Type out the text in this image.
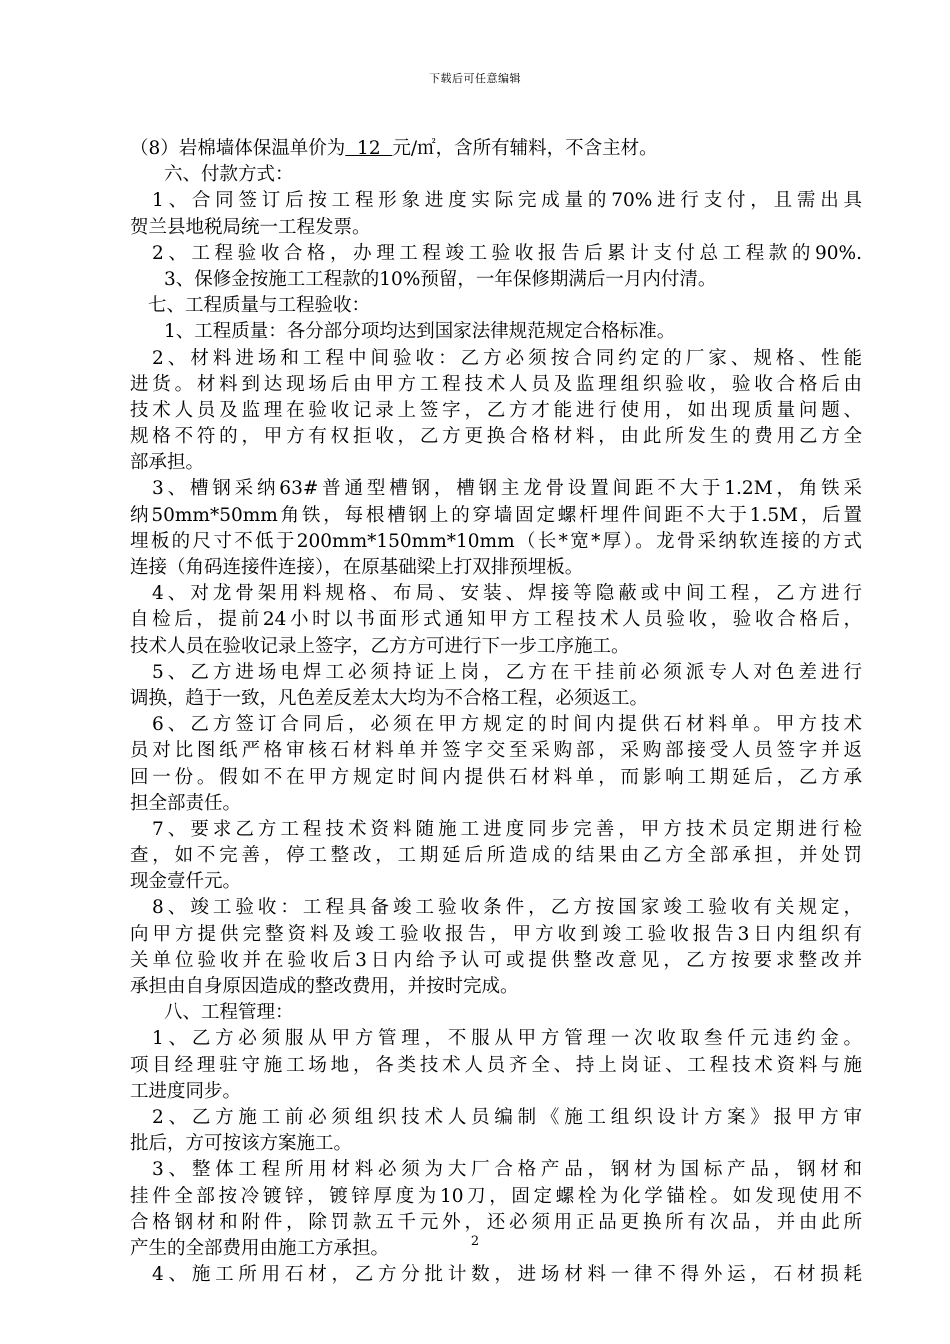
下载后可任意编辑
（8）岩棉墙体保温单价为  12  元/㎡，含所有辅料，不含主材。
六、付款方式：
1、合同签订后按工程形象进度实际完成量的70%进行支付，且需出具
贺兰县地税局统一工程发票。
2、工程验收合格，办理工程竣工验收报告后累计支付总工程款的90%.
3、保修金按施工工程款的10%预留，一年保修期满后一月内付清。
七、工程质量与工程验收：
1、工程质量：各分部分项均达到国家法律规范规定合格标准。
2、材料进场和工程中间验收：乙方必须按合同约定的厂家、规格、性能
进货。材料到达现场后由甲方工程技术人员及监理组织验收，验收合格后由
技术人员及监理在验收记录上签字，乙方才能进行使用，如出现质量问题、
规格不符的，甲方有权拒收，乙方更换合格材料，由此所发生的费用乙方全
部承担。
3、槽钢采纳63#普通型槽钢，槽钢主龙骨设置间距不大于1.2M，角铁采
纳50mm*50mm角铁，每根槽钢上的穿墙固定螺杆埋件间距不大于1.5M，后置
埋板的尺寸不低于200mm*150mm*10mm（长*宽*厚）。龙骨采纳软连接的方式
连接（角码连接件连接），在原基础梁上打双排预埋板。
4、对龙骨架用料规格、布局、安装、焊接等隐蔽或中间工程，乙方进行
自检后，提前24小时以书面形式通知甲方工程技术人员验收，验收合格后，
技术人员在验收记录上签字，乙方方可进行下一步工序施工。
5、乙方进场电焊工必须持证上岗，乙方在干挂前必须派专人对色差进行
调换，趋于一致，凡色差反差太大均为不合格工程，必须返工。
6、乙方签订合同后，必须在甲方规定的时间内提供石材料单。甲方技术
员对比图纸严格审核石材料单并签字交至采购部，采购部接受人员签字并返
回一份。假如不在甲方规定时间内提供石材料单，而影响工期延后，乙方承
担全部责任。
7、要求乙方工程技术资料随施工进度同步完善，甲方技术员定期进行检
查，如不完善，停工整改，工期延后所造成的结果由乙方全部承担，并处罚
现金壹仟元。
8、竣工验收：工程具备竣工验收条件，乙方按国家竣工验收有关规定，
向甲方提供完整资料及竣工验收报告，甲方收到竣工验收报告3日内组织有
关单位验收并在验收后3日内给予认可或提供整改意见，乙方按要求整改并
承担由自身原因造成的整改费用，并按时完成。
八、工程管理：
1、乙方必须服从甲方管理，不服从甲方管理一次收取叁仟元违约金。
项目经理驻守施工场地，各类技术人员齐全、持上岗证、工程技术资料与施
工进度同步。
2、乙方施工前必须组织技术人员编制《施工组织设计方案》报甲方审
批后，方可按该方案施工。
3、整体工程所用材料必须为大厂合格产品，钢材为国标产品，钢材和
挂件全部按冷镀锌，镀锌厚度为10刀，固定螺栓为化学锚栓。如发现使用不
合格钢材和附件，除罚款五千元外，还必须用正品更换所有次品，并由此所
产生的全部费用由施工方承担。
4、施工所用石材，乙方分批计数，进场材料一律不得外运，石材损耗
2
